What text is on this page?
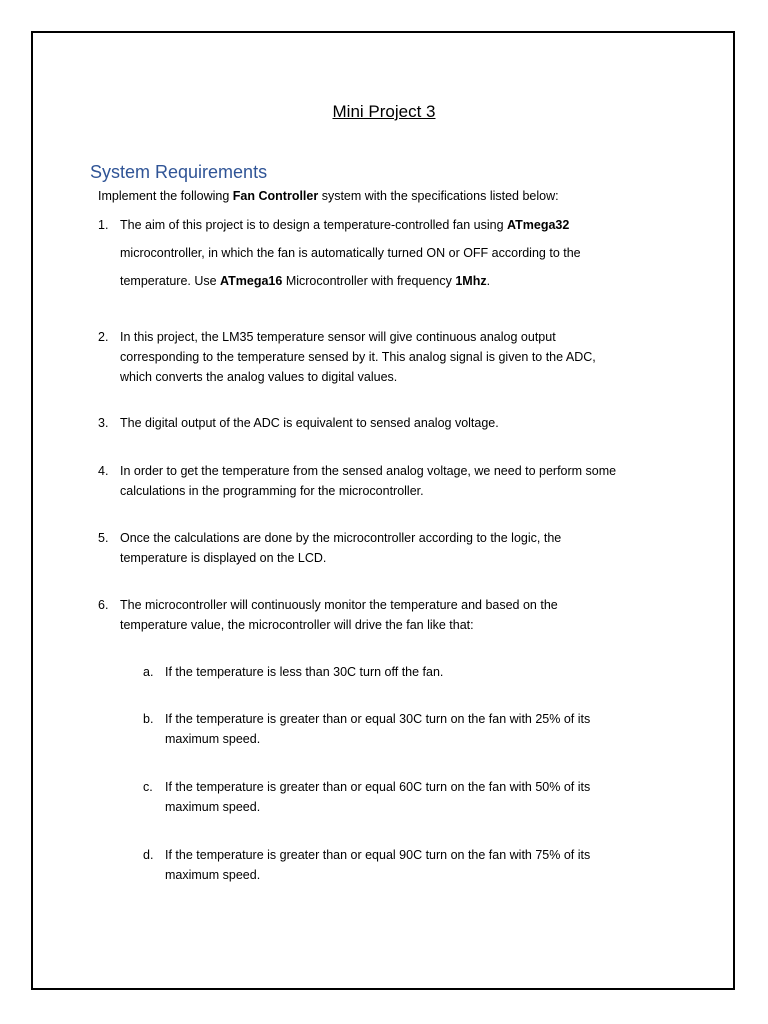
Mini Project 3
System Requirements
Implement the following Fan Controller system with the specifications listed below:
1. The aim of this project is to design a temperature-controlled fan using ATmega32
microcontroller, in which the fan is automatically turned ON or OFF according to the
temperature. Use ATmega16 Microcontroller with frequency 1Mhz.
2. In this project, the LM35 temperature sensor will give continuous analog output
corresponding to the temperature sensed by it. This analog signal is given to the ADC,
which converts the analog values to digital values.
3. The digital output of the ADC is equivalent to sensed analog voltage.
4. In order to get the temperature from the sensed analog voltage, we need to perform some
calculations in the programming for the microcontroller.
5. Once the calculations are done by the microcontroller according to the logic, the
temperature is displayed on the LCD.
6. The microcontroller will continuously monitor the temperature and based on the
temperature value, the microcontroller will drive the fan like that:
a. If the temperature is less than 30C turn off the fan.
b. If the temperature is greater than or equal 30C turn on the fan with 25% of its
maximum speed.
c. If the temperature is greater than or equal 60C turn on the fan with 50% of its
maximum speed.
d. If the temperature is greater than or equal 90C turn on the fan with 75% of its
maximum speed.
